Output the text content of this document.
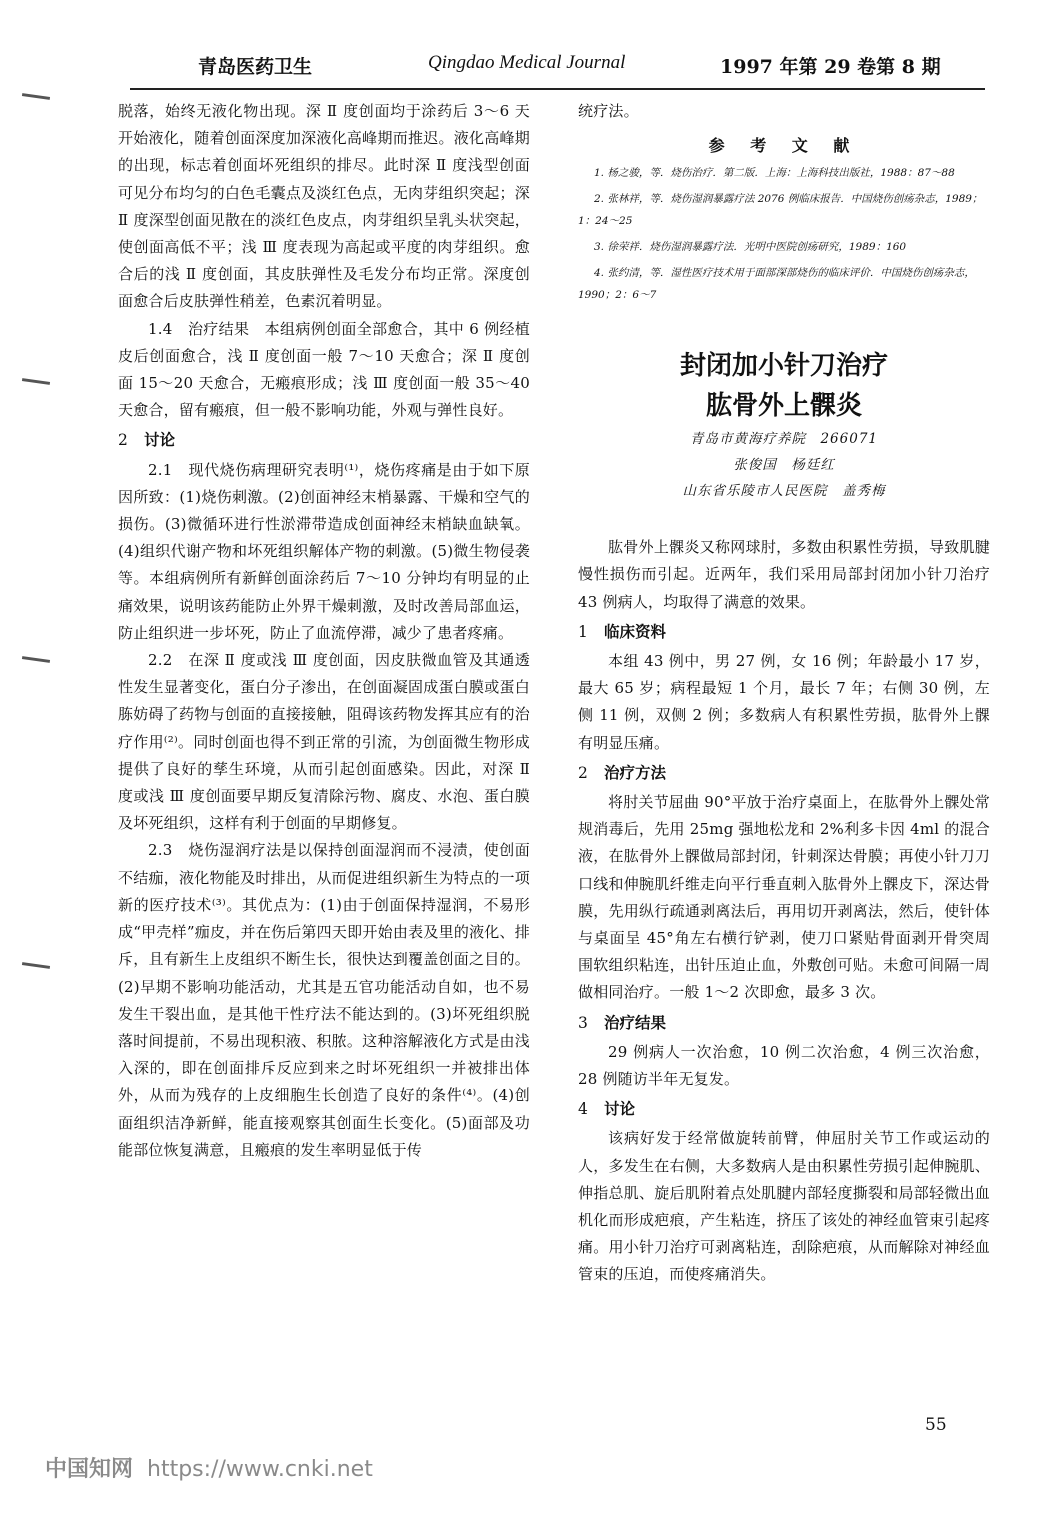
青岛医药卫生	Qingdao Medical Journal	1997 年第 29 卷第 8 期

脱落，始终无液化物出现。深 Ⅱ 度创面均于涂药后 3～6 天开始液化，随着创面深度加深液化高峰期而推迟。液化高峰期的出现，标志着创面坏死组织的排尽。此时深 Ⅱ 度浅型创面可见分布均匀的白色毛囊点及淡红色点，无肉芽组织突起；深 Ⅱ 度深型创面见散在的淡红色皮点，肉芽组织呈乳头状突起，使创面高低不平；浅 Ⅲ 度表现为高起或平度的肉芽组织。愈合后的浅 Ⅱ 度创面，其皮肤弹性及毛发分布均正常。深度创面愈合后皮肤弹性稍差，色素沉着明显。

1.4　治疗结果　本组病例创面全部愈合，其中 6 例经植皮后创面愈合，浅 Ⅱ 度创面一般 7～10 天愈合；深 Ⅱ 度创面 15～20 天愈合，无瘢痕形成；浅 Ⅲ 度创面一般 35～40 天愈合，留有瘢痕，但一般不影响功能，外观与弹性良好。

2 讨论

2.1　现代烧伤病理研究表明⁽¹⁾，烧伤疼痛是由于如下原因所致：(1)烧伤刺激。(2)创面神经末梢暴露、干燥和空气的损伤。(3)微循环进行性淤滞带造成创面神经末梢缺血缺氧。(4)组织代谢产物和坏死组织解体产物的刺激。(5)微生物侵袭等。本组病例所有新鲜创面涂药后 7～10 分钟均有明显的止痛效果，说明该药能防止外界干燥刺激，及时改善局部血运，防止组织进一步坏死，防止了血流停滞，减少了患者疼痛。

2.2　在深 Ⅱ 度或浅 Ⅲ 度创面，因皮肤微血管及其通透性发生显著变化，蛋白分子渗出，在创面凝固成蛋白膜或蛋白胨妨碍了药物与创面的直接接触，阻碍该药物发挥其应有的治疗作用⁽²⁾。同时创面也得不到正常的引流，为创面微生物形成提供了良好的孳生环境，从而引起创面感染。因此，对深 Ⅱ 度或浅 Ⅲ 度创面要早期反复清除污物、腐皮、水泡、蛋白膜及坏死组织，这样有利于创面的早期修复。

2.3　烧伤湿润疗法是以保持创面湿润而不浸渍，使创面不结痂，液化物能及时排出，从而促进组织新生为特点的一项新的医疗技术⁽³⁾。其优点为：(1)由于创面保持湿润，不易形成“甲壳样”痂皮，并在伤后第四天即开始由表及里的液化、排斥，且有新生上皮组织不断生长，很快达到覆盖创面之目的。(2)早期不影响功能活动，尤其是五官功能活动自如，也不易发生干裂出血，是其他干性疗法不能达到的。(3)坏死组织脱落时间提前，不易出现积液、积脓。这种溶解液化方式是由浅入深的，即在创面排斥反应到来之时坏死组织一并被排出体外，从而为残存的上皮细胞生长创造了良好的条件⁽⁴⁾。(4)创面组织洁净新鲜，能直接观察其创面生长变化。(5)面部及功能部位恢复满意，且瘢痕的发生率明显低于传

统疗法。

参 考 文 献

1. 杨之骏，等．烧伤治疗．第二版．上海：上海科技出版社，1988：87～88

2. 张林祥，等．烧伤湿润暴露疗法 2076 例临床报告．中国烧伤创疡杂志，1989；1：24～25

3. 徐荣祥．烧伤湿润暴露疗法．光明中医院创疡研究，1989：160

4. 张约清，等．湿性医疗技术用于面部深部烧伤的临床评价．中国烧伤创疡杂志，1990；2：6～7

封闭加小针刀治疗
肱骨外上髁炎
青岛市黄海疗养院　266071
张俊国　杨廷红
山东省乐陵市人民医院　盖秀梅

肱骨外上髁炎又称网球肘，多数由积累性劳损，导致肌腱慢性损伤而引起。近两年，我们采用局部封闭加小针刀治疗 43 例病人，均取得了满意的效果。

1 临床资料

本组 43 例中，男 27 例，女 16 例；年龄最小 17 岁，最大 65 岁；病程最短 1 个月，最长 7 年；右侧 30 例，左侧 11 例，双侧 2 例；多数病人有积累性劳损，肱骨外上髁有明显压痛。

2 治疗方法

将肘关节屈曲 90°平放于治疗桌面上，在肱骨外上髁处常规消毒后，先用 25mg 强地松龙和 2%利多卡因 4ml 的混合液，在肱骨外上髁做局部封闭，针刺深达骨膜；再使小针刀刀口线和伸腕肌纤维走向平行垂直刺入肱骨外上髁皮下，深达骨膜，先用纵行疏通剥离法后，再用切开剥离法，然后，使针体与桌面呈 45°角左右横行铲剥，使刀口紧贴骨面剥开骨突周围软组织粘连，出针压迫止血，外敷创可贴。未愈可间隔一周做相同治疗。一般 1～2 次即愈，最多 3 次。

3 治疗结果

29 例病人一次治愈，10 例二次治愈，4 例三次治愈，28 例随访半年无复发。

4 讨论

该病好发于经常做旋转前臂，伸屈肘关节工作或运动的人，多发生在右侧，大多数病人是由积累性劳损引起伸腕肌、伸指总肌、旋后肌附着点处肌腱内部轻度撕裂和局部轻微出血机化而形成疤痕，产生粘连，挤压了该处的神经血管束引起疼痛。用小针刀治疗可剥离粘连，刮除疤痕，从而解除对神经血管束的压迫，而使疼痛消失。

55
中国知网 https://www.cnki.net
